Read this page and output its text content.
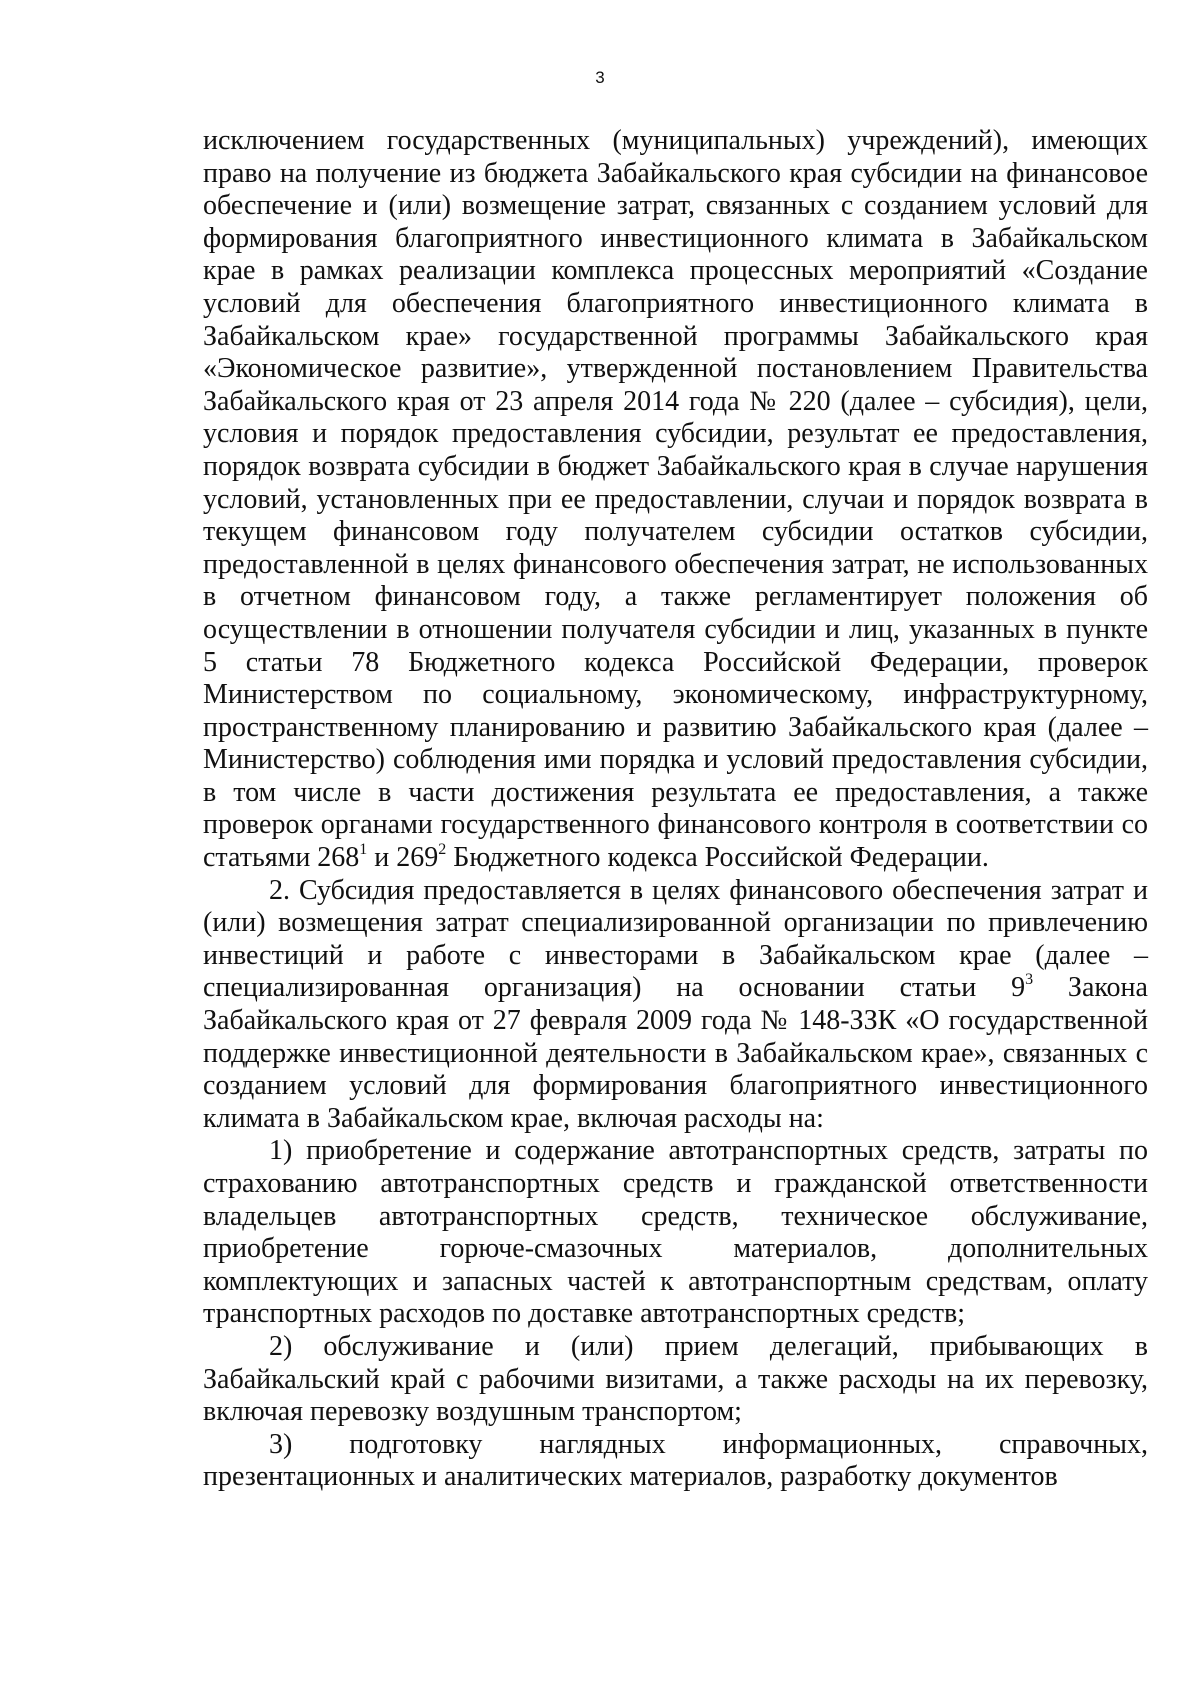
3

исключением государственных (муниципальных) учреждений), имеющих право на получение из бюджета Забайкальского края субсидии на финансовое обеспечение и (или) возмещение затрат, связанных с созданием условий для формирования благоприятного инвестиционного климата в Забайкальском крае в рамках реализации комплекса процессных мероприятий «Создание условий для обеспечения благоприятного инвестиционного климата в Забайкальском крае» государственной программы Забайкальского края «Экономическое развитие», утвержденной постановлением Правительства Забайкальского края от 23 апреля 2014 года № 220 (далее – субсидия), цели, условия и порядок предоставления субсидии, результат ее предоставления, порядок возврата субсидии в бюджет Забайкальского края в случае нарушения условий, установленных при ее предоставлении, случаи и порядок возврата в текущем финансовом году получателем субсидии остатков субсидии, предоставленной в целях финансового обеспечения затрат, не использованных в отчетном финансовом году, а также регламентирует положения об осуществлении в отношении получателя субсидии и лиц, указанных в пункте 5 статьи 78 Бюджетного кодекса Российской Федерации, проверок Министерством по социальному, экономическому, инфраструктурному, пространственному планированию и развитию Забайкальского края (далее – Министерство) соблюдения ими порядка и условий предоставления субсидии, в том числе в части достижения результата ее предоставления, а также проверок органами государственного финансового контроля в соответствии со статьями $268^1$ и $269^2$ Бюджетного кодекса Российской Федерации.

2. Субсидия предоставляется в целях финансового обеспечения затрат и (или) возмещения затрат специализированной организации по привлечению инвестиций и работе с инвесторами в Забайкальском крае (далее – специализированная организация) на основании статьи $9^3$ Закона Забайкальского края от 27 февраля 2009 года № 148-ЗЗК «О государственной поддержке инвестиционной деятельности в Забайкальском крае», связанных с созданием условий для формирования благоприятного инвестиционного климата в Забайкальском крае, включая расходы на:

1) приобретение и содержание автотранспортных средств, затраты по страхованию автотранспортных средств и гражданской ответственности владельцев автотранспортных средств, техническое обслуживание, приобретение горюче-смазочных материалов, дополнительных комплектующих и запасных частей к автотранспортным средствам, оплату транспортных расходов по доставке автотранспортных средств;

2) обслуживание и (или) прием делегаций, прибывающих в Забайкальский край с рабочими визитами, а также расходы на их перевозку, включая перевозку воздушным транспортом;

3) подготовку наглядных информационных, справочных, презентационных и аналитических материалов, разработку документов
